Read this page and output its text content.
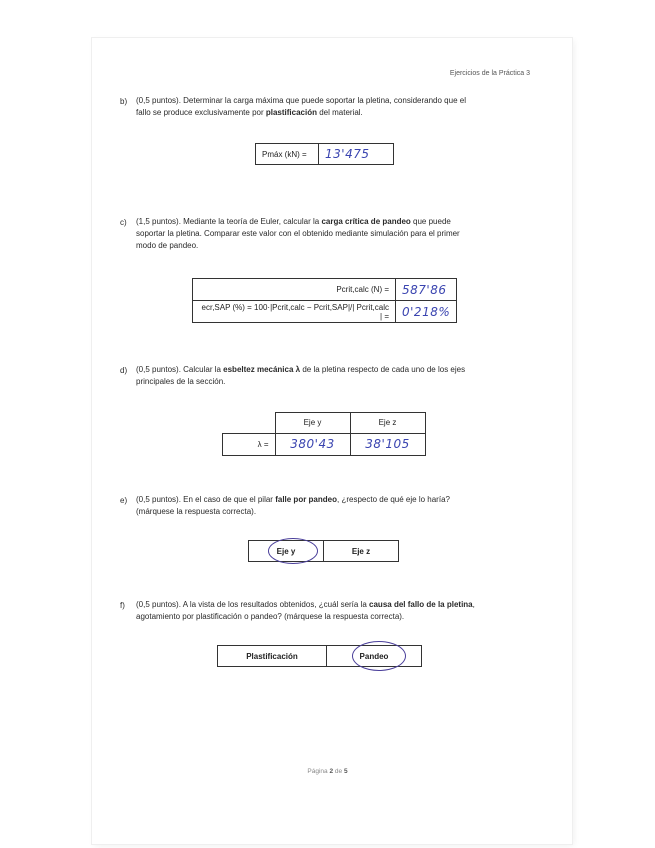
Ejercicios de la Práctica 3
b) (0,5 puntos). Determinar la carga máxima que puede soportar la pletina, considerando que el
fallo se produce exclusivamente por plastificación del material.
Pmáx (kN) =	13'475
c) (1,5 puntos). Mediante la teoría de Euler, calcular la carga crítica de pandeo que puede
soportar la pletina. Comparar este valor con el obtenido mediante simulación para el primer
modo de pandeo.
Pcrit,calc (N) =	587'86
ecr,SAP (%) = 100·|Pcrit,calc − Pcrit,SAP|/| Pcrit,calc | =	0'218%
d) (0,5 puntos). Calcular la esbeltez mecánica λ de la pletina respecto de cada uno de los ejes
principales de la sección.
	Eje y	Eje z
λ =	380'43	38'105
e) (0,5 puntos). En el caso de que el pilar falle por pandeo, ¿respecto de qué eje lo haría?
(márquese la respuesta correcta).
Eje y	Eje z
f) (0,5 puntos). A la vista de los resultados obtenidos, ¿cuál sería la causa del fallo de la pletina,
agotamiento por plastificación o pandeo? (márquese la respuesta correcta).
Plastificación	Pandeo
Página 2 de 5
